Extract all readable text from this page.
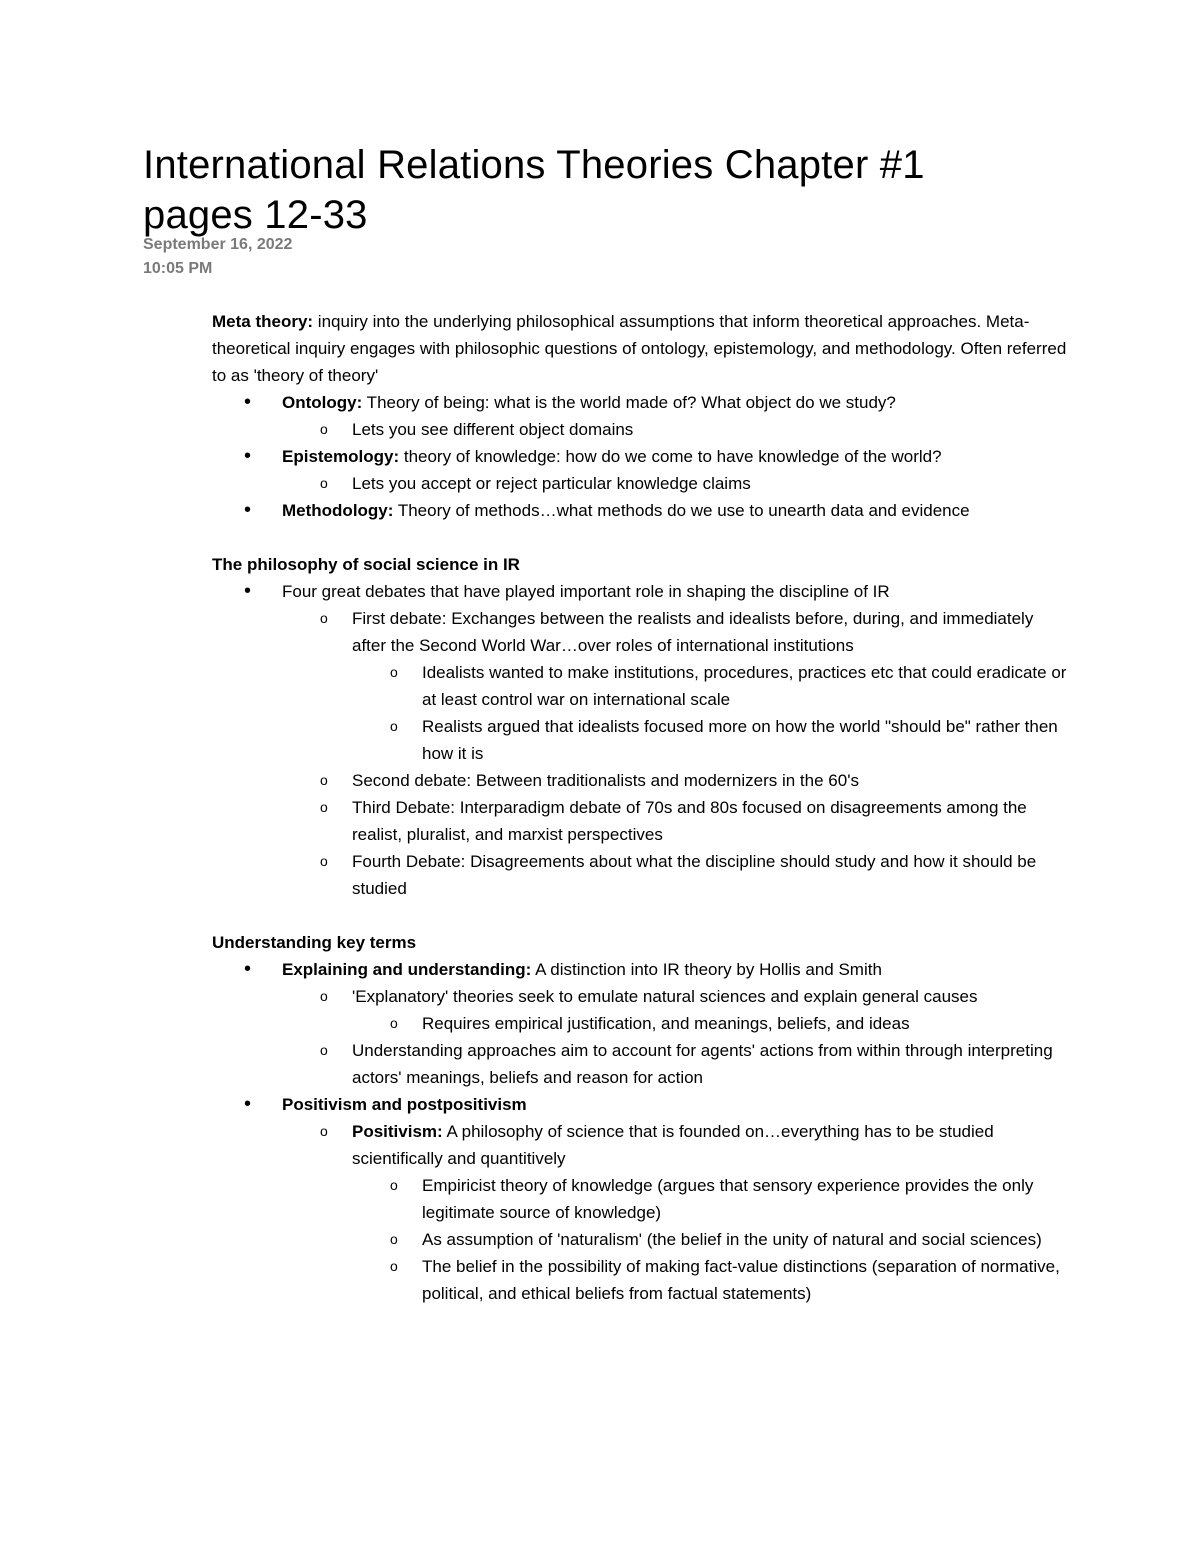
International Relations Theories Chapter #1 pages 12-33
September 16, 2022
10:05 PM

Meta theory: inquiry into the underlying philosophical assumptions that inform theoretical approaches. Meta-theoretical inquiry engages with philosophic questions of ontology, epistemology, and methodology. Often referred to as 'theory of theory'

• Ontology: Theory of being: what is the world made of? What object do we study?
o Lets you see different object domains
• Epistemology: theory of knowledge: how do we come to have knowledge of the world?
o Lets you accept or reject particular knowledge claims
• Methodology: Theory of methods…what methods do we use to unearth data and evidence

The philosophy of social science in IR

• Four great debates that have played important role in shaping the discipline of IR
o First debate: Exchanges between the realists and idealists before, during, and immediately after the Second World War…over roles of international institutions
o Idealists wanted to make institutions, procedures, practices etc that could eradicate or at least control war on international scale
o Realists argued that idealists focused more on how the world "should be" rather then how it is
o Second debate: Between traditionalists and modernizers in the 60's
o Third Debate: Interparadigm debate of 70s and 80s focused on disagreements among the realist, pluralist, and marxist perspectives
o Fourth Debate: Disagreements about what the discipline should study and how it should be studied

Understanding key terms

• Explaining and understanding: A distinction into IR theory by Hollis and Smith
o 'Explanatory' theories seek to emulate natural sciences and explain general causes
o Requires empirical justification, and meanings, beliefs, and ideas
o Understanding approaches aim to account for agents' actions from within through interpreting actors' meanings, beliefs and reason for action
• Positivism and postpositivism
o Positivism: A philosophy of science that is founded on…everything has to be studied scientifically and quantitively
o Empiricist theory of knowledge (argues that sensory experience provides the only legitimate source of knowledge)
o As assumption of 'naturalism' (the belief in the unity of natural and social sciences)
o The belief in the possibility of making fact-value distinctions (separation of normative, political, and ethical beliefs from factual statements)
